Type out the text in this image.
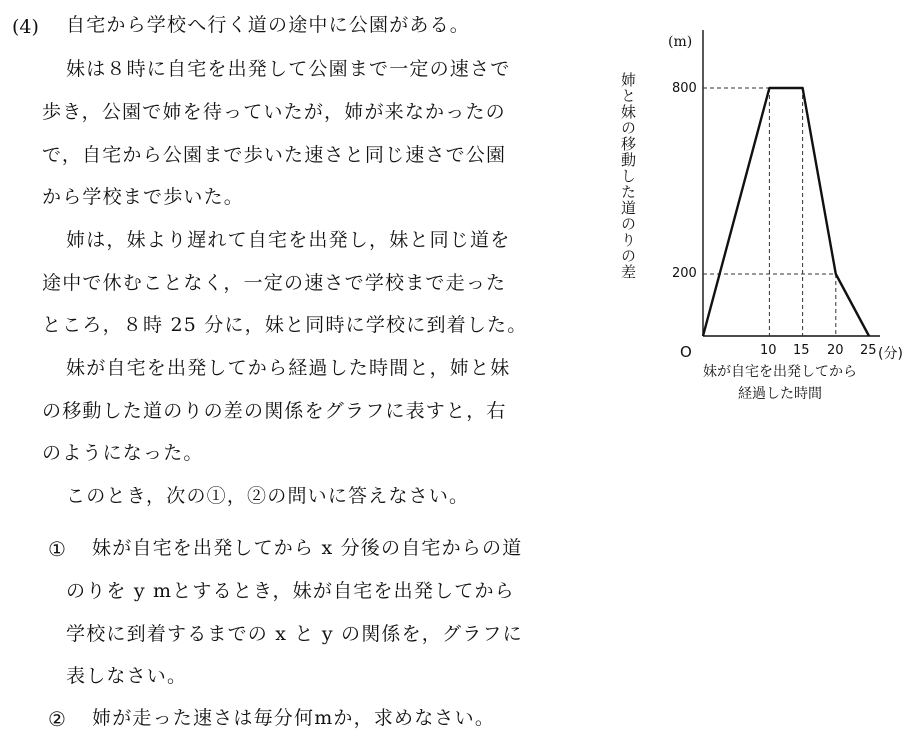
(4) 自宅から学校へ行く道の途中に公園がある。
妹は８時に自宅を出発して公園まで一定の速さで
歩き，公園で姉を待っていたが，姉が来なかったの
で，自宅から公園まで歩いた速さと同じ速さで公園
から学校まで歩いた。
姉は，妹より遅れて自宅を出発し，妹と同じ道を
途中で休むことなく，一定の速さで学校まで走った
ところ，８時 25 分に，妹と同時に学校に到着した。
妹が自宅を出発してから経過した時間と，姉と妹
の移動した道のりの差の関係をグラフに表すと，右
のようになった。
このとき，次の①，②の問いに答えなさい。
① 妹が自宅を出発してから x 分後の自宅からの道
のりを y mとするとき，妹が自宅を出発してから
学校に到着するまでの x と y の関係を，グラフに
表しなさい。
② 姉が走った速さは毎分何mか，求めなさい。
姉と妹の移動した道のりの差
(m)
800
200
O	10 15 20 25 (分)
妹が自宅を出発してから
経過した時間
